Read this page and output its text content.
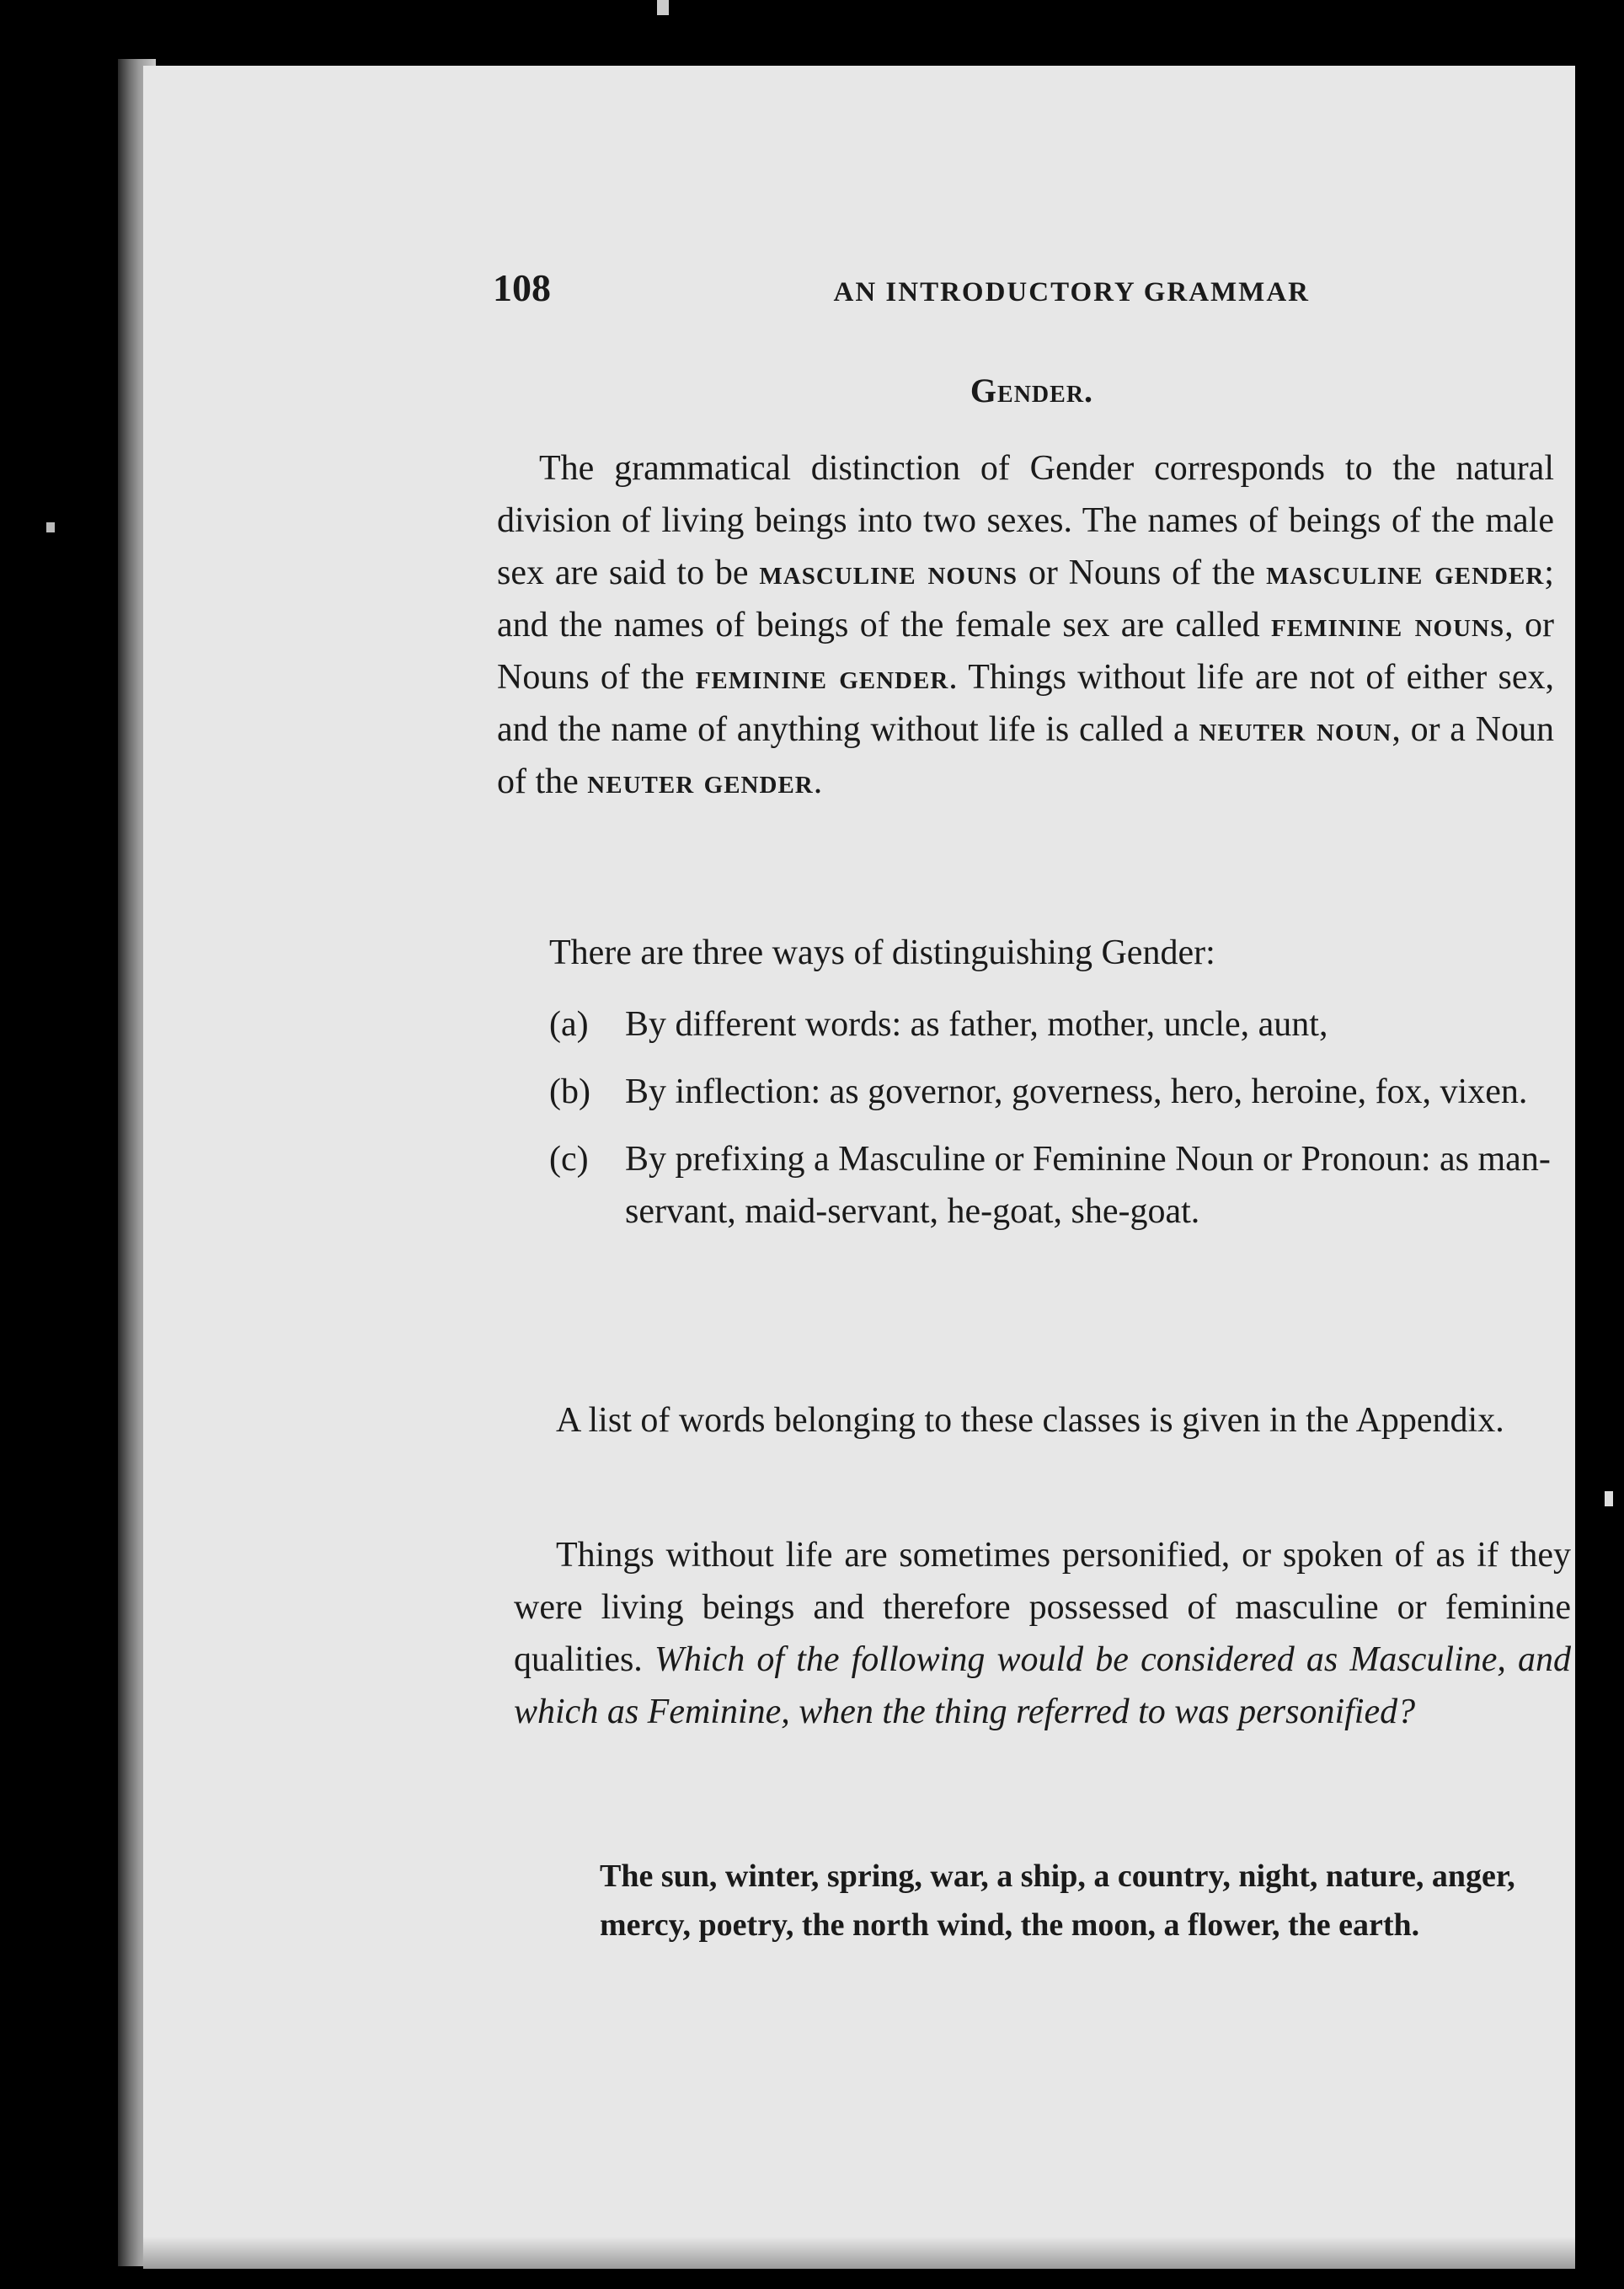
108	AN INTRODUCTORY GRAMMAR
Gender.
The grammatical distinction of Gender corresponds to the natural division of living beings into two sexes. The names of beings of the male sex are said to be masculine nouns or Nouns of the masculine gender; and the names of beings of the female sex are called feminine nouns, or Nouns of the feminine gender. Things without life are not of either sex, and the name of anything without life is called a neuter noun, or a Noun of the neuter gender.
There are three ways of distinguishing Gender:
(a)	By different words: as father, mother, uncle, aunt,
(b) By inflection: as governor, governess, hero, heroine, fox, vixen.
(c)	By prefixing a Masculine or Feminine Noun or Pronoun: as man-servant, maid-servant, he-goat, she-goat.
A list of words belonging to these classes is given in the Appendix.
Things without life are sometimes personified, or spoken of as if they were living beings and therefore possessed of masculine or feminine qualities. Which of the following would be considered as Masculine, and which as Feminine, when the thing referred to was personified?
The sun, winter, spring, war, a ship, a country, night, nature, anger, mercy, poetry, the north wind, the moon, a flower, the earth.
